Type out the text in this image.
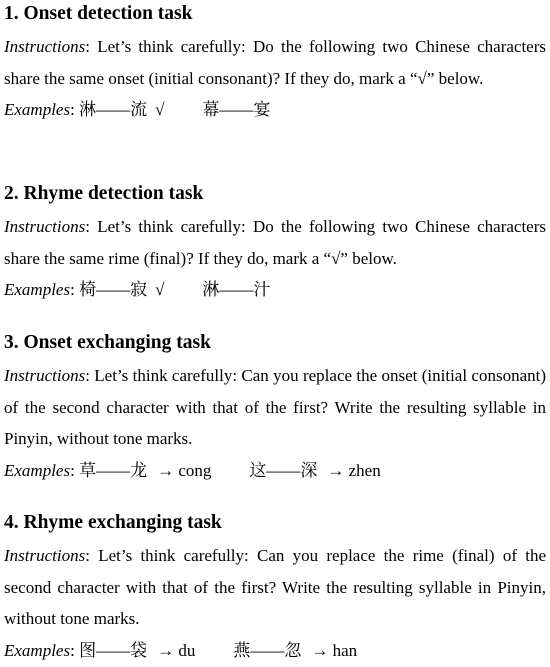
1. Onset detection task

Instructions: Let’s think carefully: Do the following two Chinese characters share the same onset (initial consonant)? If they do, mark a “√” below.

Examples: 淋——流 √ 幕——宴

2. Rhyme detection task

Instructions: Let’s think carefully: Do the following two Chinese characters share the same rime (final)? If they do, mark a “√” below.

Examples: 椅——寂 √ 淋——汁

3. Onset exchanging task

Instructions: Let’s think carefully: Can you replace the onset (initial consonant) of the second character with that of the first? Write the resulting syllable in Pinyin, without tone marks.

Examples: 草——龙 → cong 这——深 → zhen

4. Rhyme exchanging task

Instructions: Let’s think carefully: Can you replace the rime (final) of the second character with that of the first? Write the resulting syllable in Pinyin, without tone marks.

Examples: 图——袋 → du 燕——忽 → han
